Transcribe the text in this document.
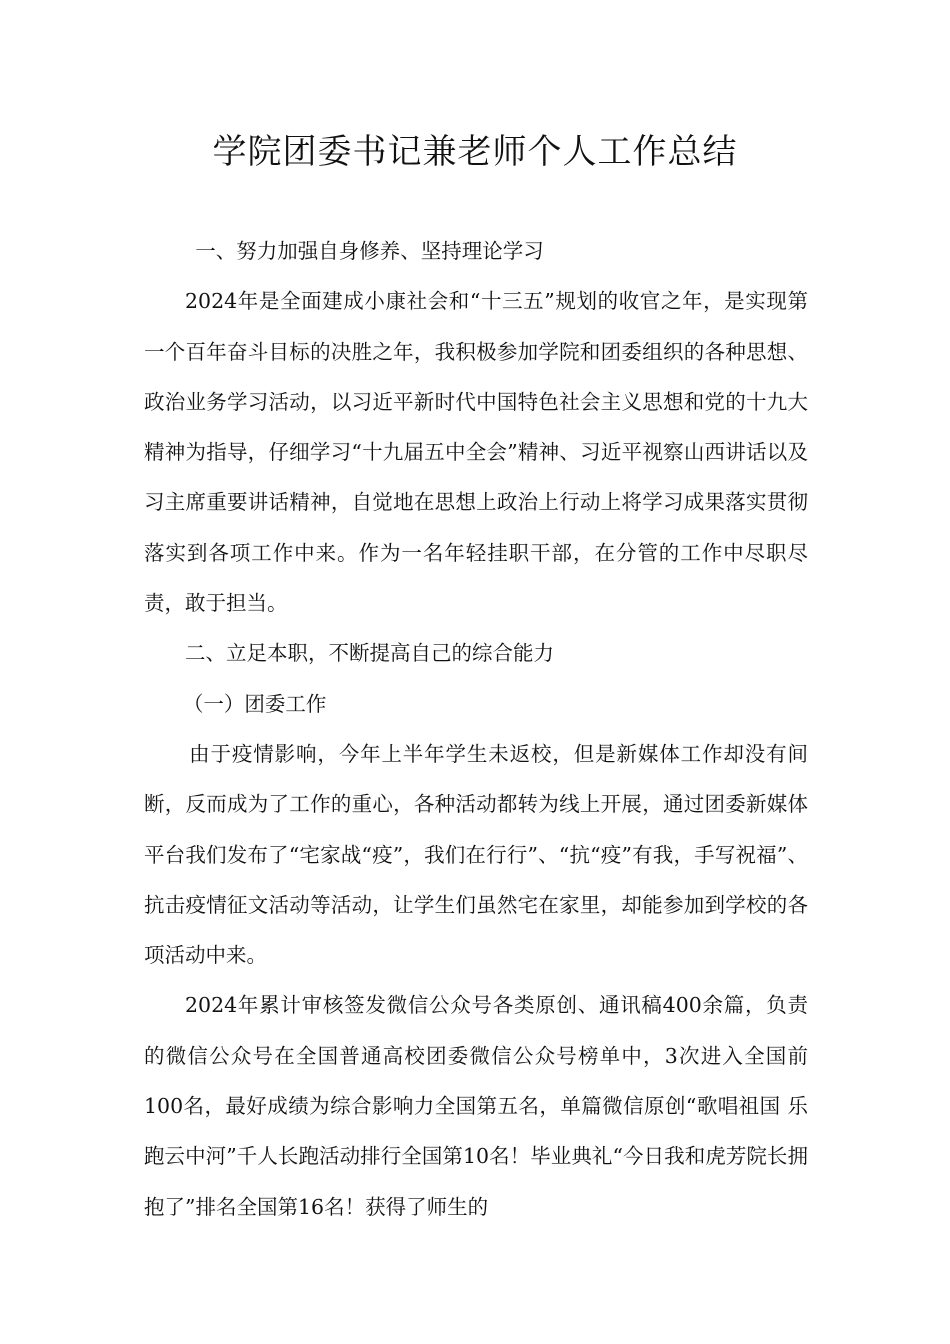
学院团委书记兼老师个人工作总结

一、努力加强自身修养、坚持理论学习

2024年是全面建成小康社会和“十三五”规划的收官之年，是实现第一个百年奋斗目标的决胜之年，我积极参加学院和团委组织的各种思想、政治业务学习活动，以习近平新时代中国特色社会主义思想和党的十九大精神为指导，仔细学习“十九届五中全会”精神、习近平视察山西讲话以及习主席重要讲话精神，自觉地在思想上政治上行动上将学习成果落实贯彻落实到各项工作中来。作为一名年轻挂职干部，在分管的工作中尽职尽责，敢于担当。

二、立足本职，不断提高自己的综合能力

（一）团委工作

由于疫情影响，今年上半年学生未返校，但是新媒体工作却没有间断，反而成为了工作的重心，各种活动都转为线上开展，通过团委新媒体平台我们发布了“宅家战“疫”，我们在行行”、“抗“疫”有我，手写祝福”、抗击疫情征文活动等活动，让学生们虽然宅在家里，却能参加到学校的各项活动中来。

2024年累计审核签发微信公众号各类原创、通讯稿400余篇，负责的微信公众号在全国普通高校团委微信公众号榜单中，3次进入全国前100名，最好成绩为综合影响力全国第五名，单篇微信原创“歌唱祖国 乐跑云中河”千人长跑活动排行全国第10名！毕业典礼“今日我和虎芳院长拥抱了”排名全国第16名！获得了师生的
